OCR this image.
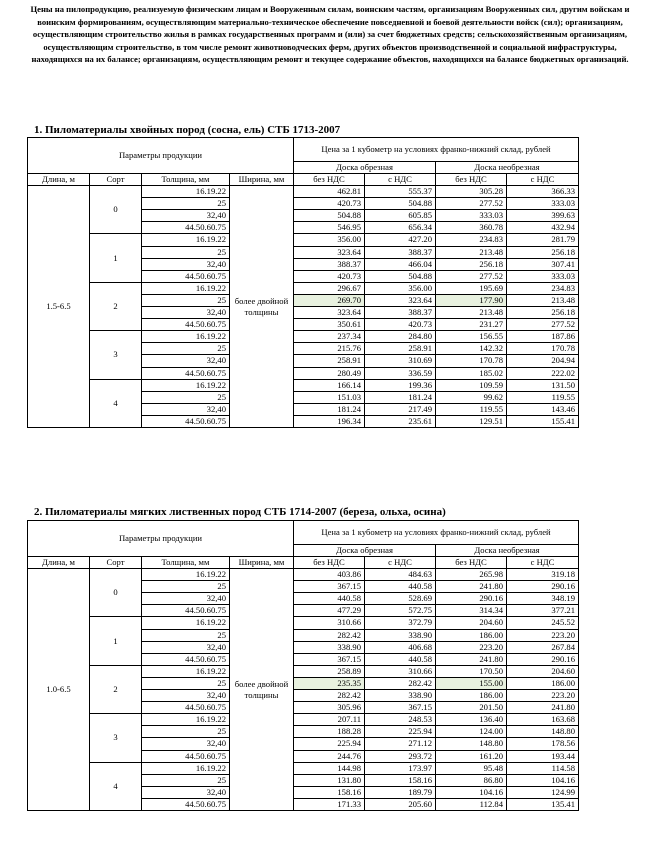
Цены на пилопродукцию, реализуемую физическим лицам и Вооруженным силам, воинским частям, организациям Вооруженных сил, другим войскам и воинским формированиям, осуществляющим материально-техническое обеспечение повседневной и боевой деятельности войск (сил); организациям, осуществляющим строительство жилья в рамках государственных программ и (или) за счет бюджетных средств; сельскохозяйственным организациям, осуществляющим строительство, в том числе ремонт животноводческих ферм, других объектов производственной и социальной инфраструктуры, находящихся на их балансе; организациям, осуществляющим ремонт и текущее содержание объектов, находящихся на балансе бюджетных организаций.
1. Пиломатериалы хвойных пород (сосна, ель) СТБ 1713-2007
Параметры продукции				Цена за 1 кубометр на условиях франко-нижний склад, рублей			
				Доска обрезная		Доска необрезная	
Длина, м	Сорт	Толщина, мм	Ширина, мм	без НДС	с НДС	без НДС	с НДС
1.5-6.5	0	16.19.22	более двойной толщины	462.81	555.37	305.28	366.33
		25		420.73	504.88	277.52	333.03
		32,40		504.88	605.85	333.03	399.63
		44.50.60.75		546.95	656.34	360.78	432.94
	1	16.19.22		356.00	427.20	234.83	281.79
		25		323.64	388.37	213.48	256.18
		32,40		388.37	466.04	256.18	307.41
		44.50.60.75		420.73	504.88	277.52	333.03
	2	16.19.22		296.67	356.00	195.69	234.83
		25		269.70	323.64	177.90	213.48
		32,40		323.64	388.37	213.48	256.18
		44.50.60.75		350.61	420.73	231.27	277.52
	3	16.19.22		237.34	284.80	156.55	187.86
		25		215.76	258.91	142.32	170.78
		32,40		258.91	310.69	170.78	204.94
		44.50.60.75		280.49	336.59	185.02	222.02
	4	16.19.22		166.14	199.36	109.59	131.50
		25		151.03	181.24	99.62	119.55
		32,40		181.24	217.49	119.55	143.46
		44.50.60.75		196.34	235.61	129.51	155.41
2. Пиломатериалы мягких лиственных пород СТБ 1714-2007 (береза, ольха, осина)
Параметры продукции				Цена за 1 кубометр на условиях франко-нижний склад, рублей			
				Доска обрезная		Доска необрезная	
Длина, м	Сорт	Толщина, мм	Ширина, мм	без НДС	с НДС	без НДС	с НДС
1.0-6.5	0	16.19.22	более двойной толщины	403.86	484.63	265.98	319.18
		25		367.15	440.58	241.80	290.16
		32,40		440.58	528.69	290.16	348.19
		44.50.60.75		477.29	572.75	314.34	377.21
	1	16.19.22		310.66	372.79	204.60	245.52
		25		282.42	338.90	186.00	223.20
		32,40		338.90	406.68	223.20	267.84
		44.50.60.75		367.15	440.58	241.80	290.16
	2	16.19.22		258.89	310.66	170.50	204.60
		25		235.35	282.42	155.00	186.00
		32,40		282.42	338.90	186.00	223.20
		44.50.60.75		305.96	367.15	201.50	241.80
	3	16.19.22		207.11	248.53	136.40	163.68
		25		188.28	225.94	124.00	148.80
		32,40		225.94	271.12	148.80	178.56
		44.50.60.75		244.76	293.72	161.20	193.44
	4	16.19.22		144.98	173.97	95.48	114.58
		25		131.80	158.16	86.80	104.16
		32,40		158.16	189.79	104.16	124.99
		44.50.60.75		171.33	205.60	112.84	135.41
